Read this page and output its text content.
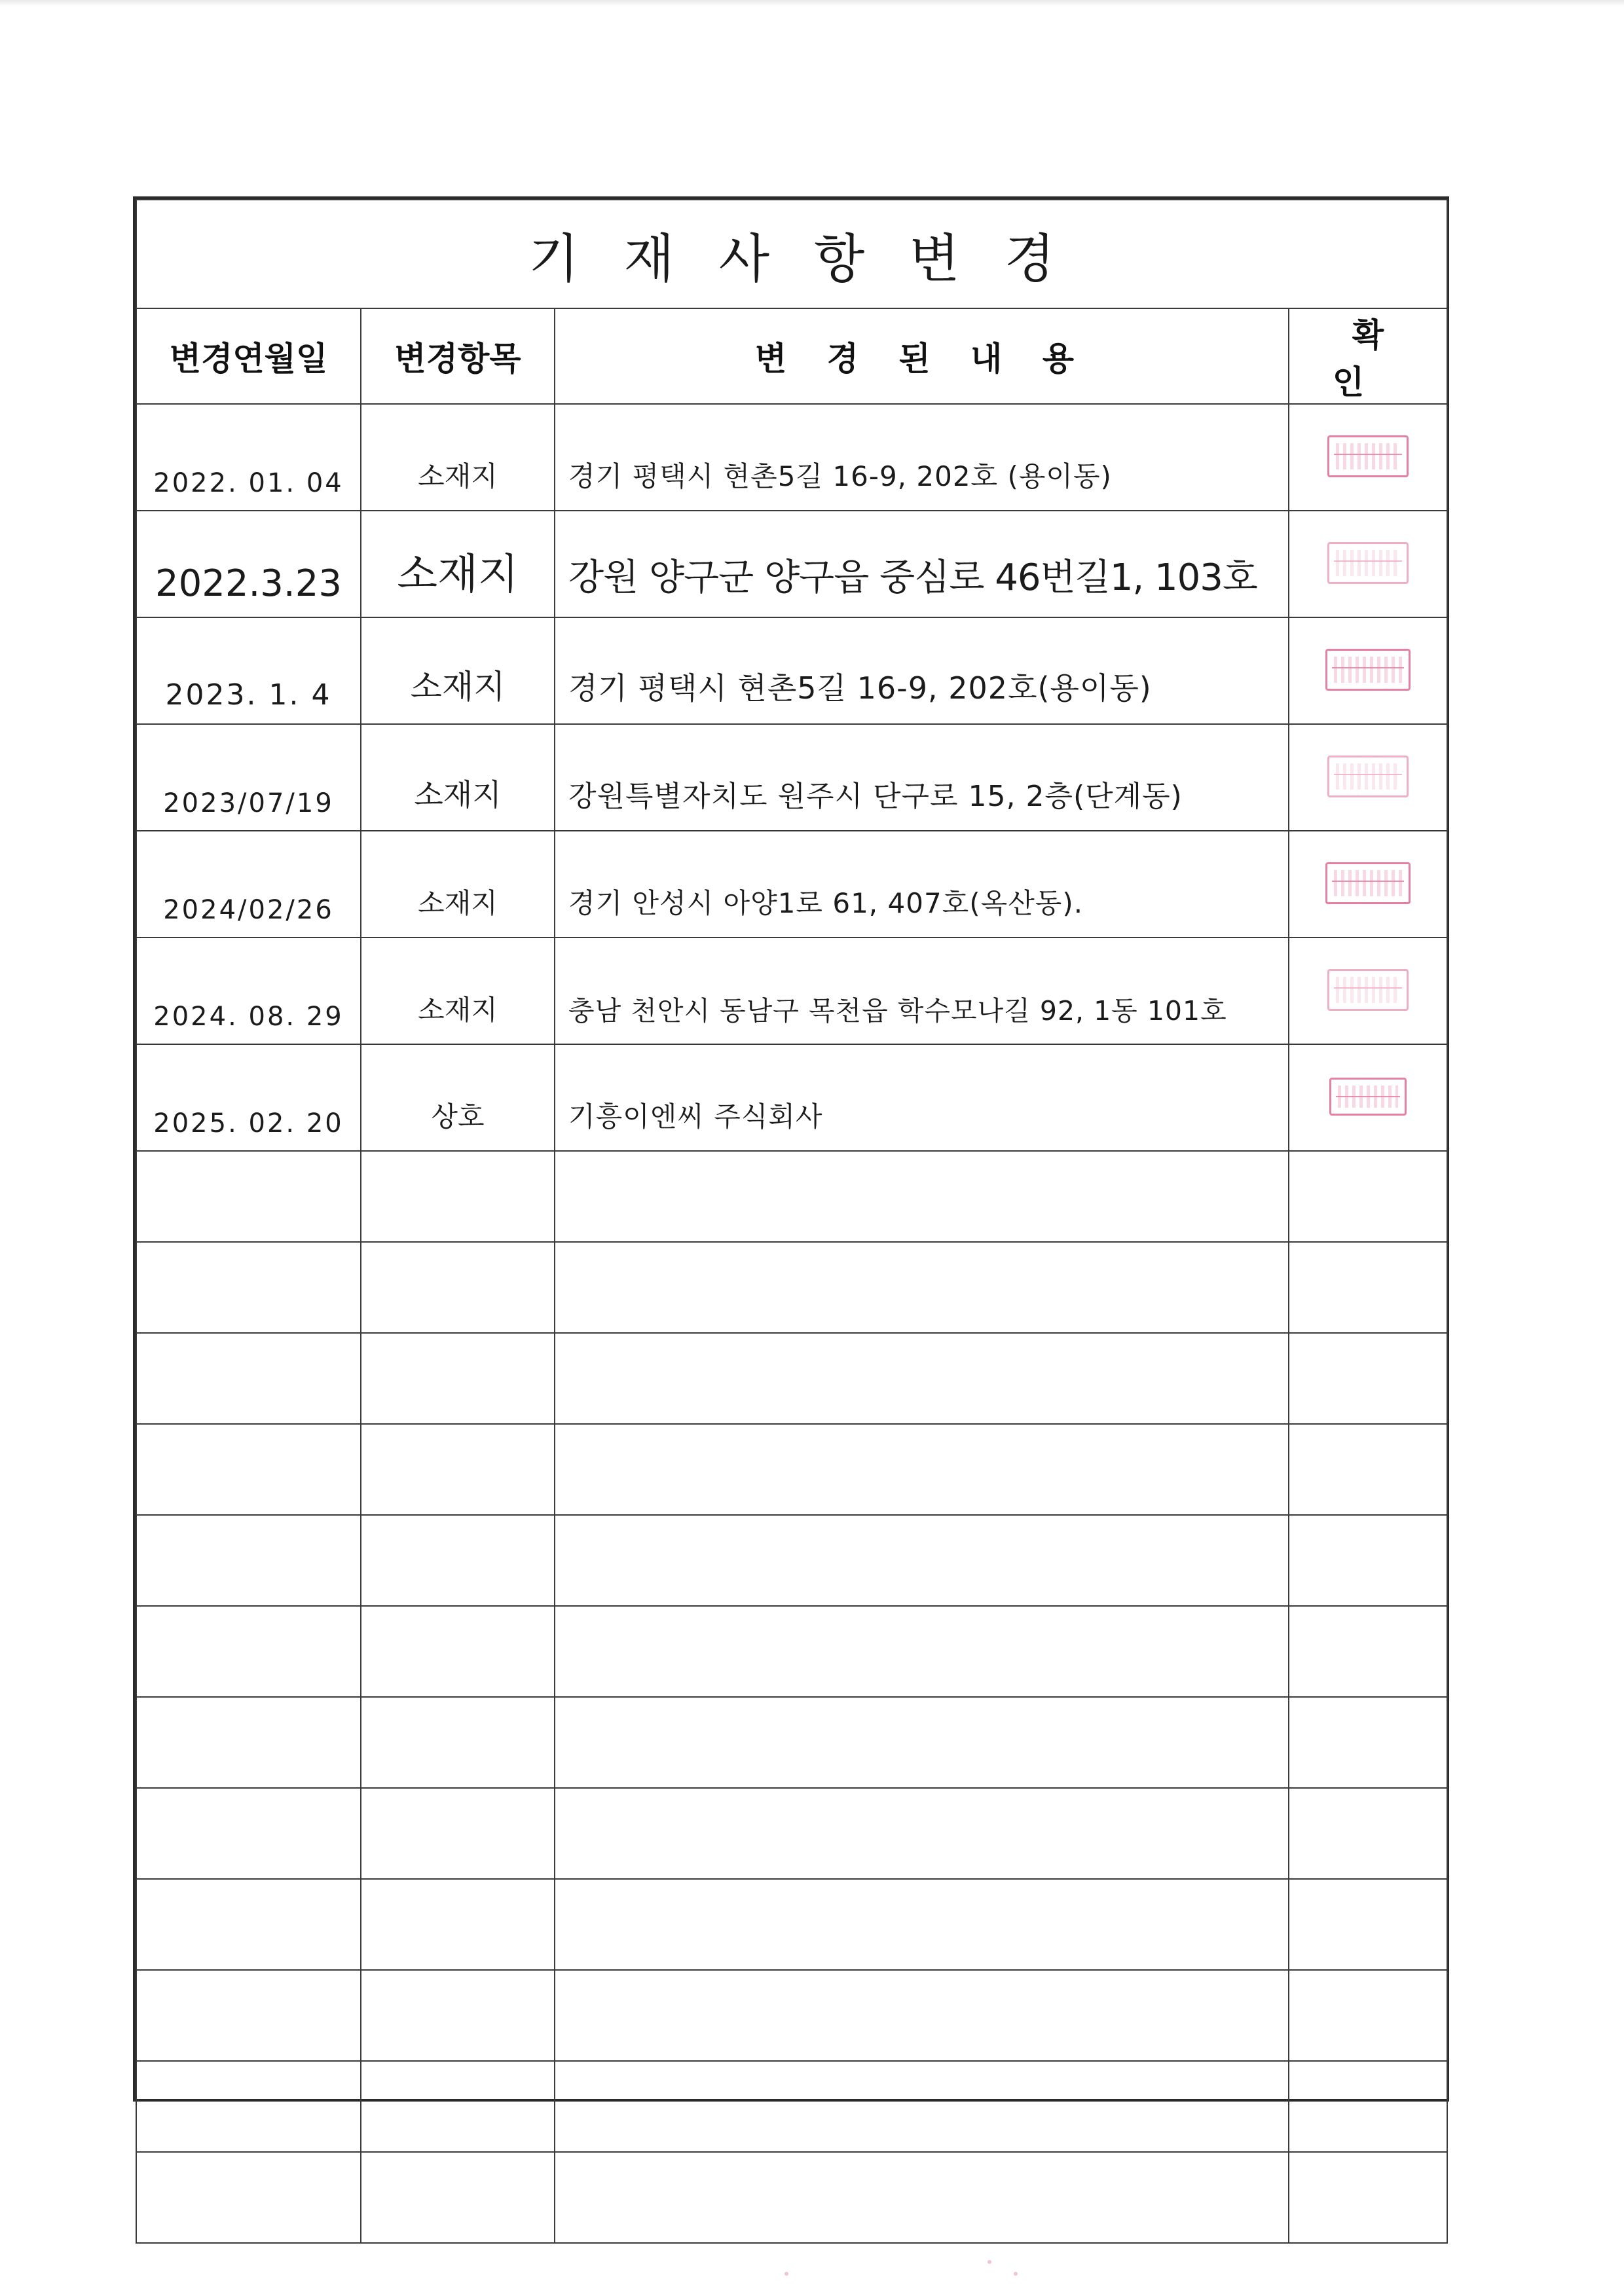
기 재 사 항 변 경			
변경연월일	변경항목	변 경 된 내 용	확 인
2022. 01. 04	소재지	경기 평택시 현촌5길 16-9, 202호 (용이동)	
2022.3.23	소재지	강원 양구군 양구읍 중심로 46번길1, 103호	
2023. 1. 4	소재지	경기 평택시 현촌5길 16-9, 202호(용이동)	
2023/07/19	소재지	강원특별자치도 원주시 단구로 15, 2층(단계동)	
2024/02/26	소재지	경기 안성시 아양1로 61, 407호(옥산동).	
2024. 08. 29	소재지	충남 천안시 동남구 목천읍 학수모나길 92, 1동 101호	
2025. 02. 20	상호	기흥이엔씨 주식회사	
